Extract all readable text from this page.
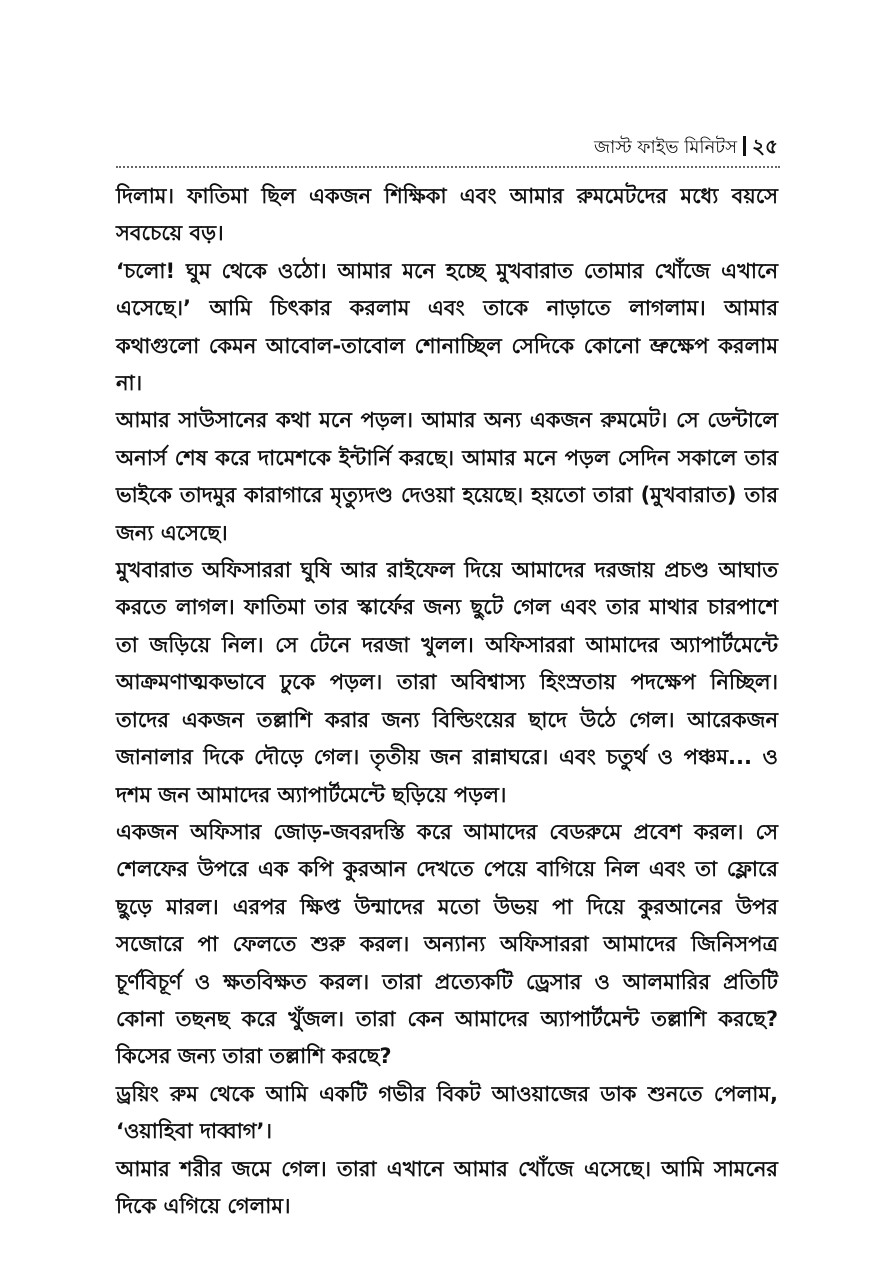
জাস্ট ফাইভ মিনিটস ২৫

দিলাম। ফাতিমা ছিল একজন শিক্ষিকা এবং আমার রুমমেটদের মধ্যে বয়সে সবচেয়ে বড়।

‘চলো! ঘুম থেকে ওঠো। আমার মনে হচ্ছে মুখবারাত তোমার খোঁজে এখানে এসেছে।’ আমি চিৎকার করলাম এবং তাকে নাড়াতে লাগলাম। আমার কথাগুলো কেমন আবোল-তাবোল শোনাচ্ছিল সেদিকে কোনো ভ্রুক্ষেপ করলাম না।

আমার সাউসানের কথা মনে পড়ল। আমার অন্য একজন রুমমেট। সে ডেন্টালে অনার্স শেষ করে দামেশকে ইন্টার্নি করছে। আমার মনে পড়ল সেদিন সকালে তার ভাইকে তাদমুর কারাগারে মৃত্যুদণ্ড দেওয়া হয়েছে। হয়তো তারা (মুখবারাত) তার জন্য এসেছে।

মুখবারাত অফিসাররা ঘুষি আর রাইফেল দিয়ে আমাদের দরজায় প্রচণ্ড আঘাত করতে লাগল। ফাতিমা তার স্কার্ফের জন্য ছুটে গেল এবং তার মাথার চারপাশে তা জড়িয়ে নিল। সে টেনে দরজা খুলল। অফিসাররা আমাদের অ্যাপার্টমেন্টে আক্রমণাত্মকভাবে ঢুকে পড়ল। তারা অবিশ্বাস্য হিংস্রতায় পদক্ষেপ নিচ্ছিল। তাদের একজন তল্লাশি করার জন্য বিল্ডিংয়ের ছাদে উঠে গেল। আরেকজন জানালার দিকে দৌড়ে গেল। তৃতীয় জন রান্নাঘরে। এবং চতুর্থ ও পঞ্চম... ও দশম জন আমাদের অ্যাপার্টমেন্টে ছড়িয়ে পড়ল।

একজন অফিসার জোড়-জবরদস্তি করে আমাদের বেডরুমে প্রবেশ করল। সে শেলফের উপরে এক কপি কুরআন দেখতে পেয়ে বাগিয়ে নিল এবং তা ফ্লোরে ছুড়ে মারল। এরপর ক্ষিপ্ত উন্মাদের মতো উভয় পা দিয়ে কুরআনের উপর সজোরে পা ফেলতে শুরু করল। অন্যান্য অফিসাররা আমাদের জিনিসপত্র চূর্ণবিচূর্ণ ও ক্ষতবিক্ষত করল। তারা প্রত্যেকটি ড্রেসার ও আলমারির প্রতিটি কোনা তছনছ করে খুঁজল। তারা কেন আমাদের অ্যাপার্টমেন্ট তল্লাশি করছে? কিসের জন্য তারা তল্লাশি করছে?

ড্রয়িং রুম থেকে আমি একটি গভীর বিকট আওয়াজের ডাক শুনতে পেলাম, ‘ওয়াহিবা দাব্বাগ’।

আমার শরীর জমে গেল। তারা এখানে আমার খোঁজে এসেছে। আমি সামনের দিকে এগিয়ে গেলাম।
